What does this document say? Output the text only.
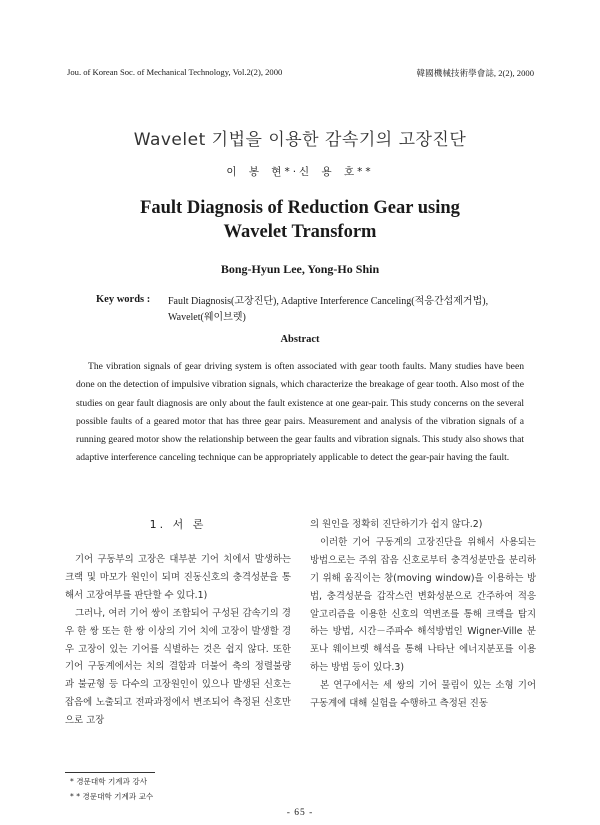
Jou. of Korean Soc. of Mechanical Technology, Vol.2(2), 2000	韓國機械技術學會誌, 2(2), 2000
Wavelet 기법을 이용한 감속기의 고장진단
이 봉 현*·신 용 호**
Fault Diagnosis of Reduction Gear using
Wavelet Transform
Bong-Hyun Lee, Yong-Ho Shin
Key words : Fault Diagnosis(고장진단), Adaptive Interference Canceling(적응간섭제거법), Wavelet(웨이브렛)
Abstract
The vibration signals of gear driving system is often associated with gear tooth faults. Many studies have been done on the detection of impulsive vibration signals, which characterize the breakage of gear tooth. Also most of the studies on gear fault diagnosis are only about the fault existence at one gear-pair. This study concerns on the several possible faults of a geared motor that has three gear pairs. Measurement and analysis of the vibration signals of a running geared motor show the relationship between the gear faults and vibration signals. This study also shows that adaptive interference canceling technique can be appropriately applicable to detect the gear-pair having the fault.
1. 서 론

기어 구동부의 고장은 대부분 기어 치에서 발생하는 크랙 및 마모가 원인이 되며 진동신호의 충격성분을 통해서 고장여부를 판단할 수 있다.1)

그러나, 여러 기어 쌍이 조합되어 구성된 감속기의 경우 한 쌍 또는 한 쌍 이상의 기어 치에 고장이 발생할 경우 고장이 있는 기어를 식별하는 것은 쉽지 않다. 또한 기어 구동계에서는 치의 결함과 더불어 축의 정렬불량과 불균형 등 다수의 고장원인이 있으나 발생된 신호는 잡음에 노출되고 전파과정에서 변조되어 측정된 신호만으로 고장

의 원인을 정확히 진단하기가 쉽지 않다.2)

이러한 기어 구동계의 고장진단을 위해서 사용되는 방법으로는 주위 잡음 신호로부터 충격성분만을 분리하기 위해 움직이는 창(moving window)을 이용하는 방법, 충격성분을 갑작스런 변화성분으로 간주하여 적응알고리즘을 이용한 신호의 역변조를 통해 크랙을 탐지하는 방법, 시간－주파수 해석방법인 Wigner-Ville 분포나 웨이브렛 해석을 통해 나타난 에너지분포를 이용하는 방법 등이 있다.3)

본 연구에서는 세 쌍의 기어 물림이 있는 소형 기어 구동계에 대해 실험을 수행하고 측정된 진동

* 경문대학 기계과 강사
* * 경문대학 기계과 교수
- 65 -
